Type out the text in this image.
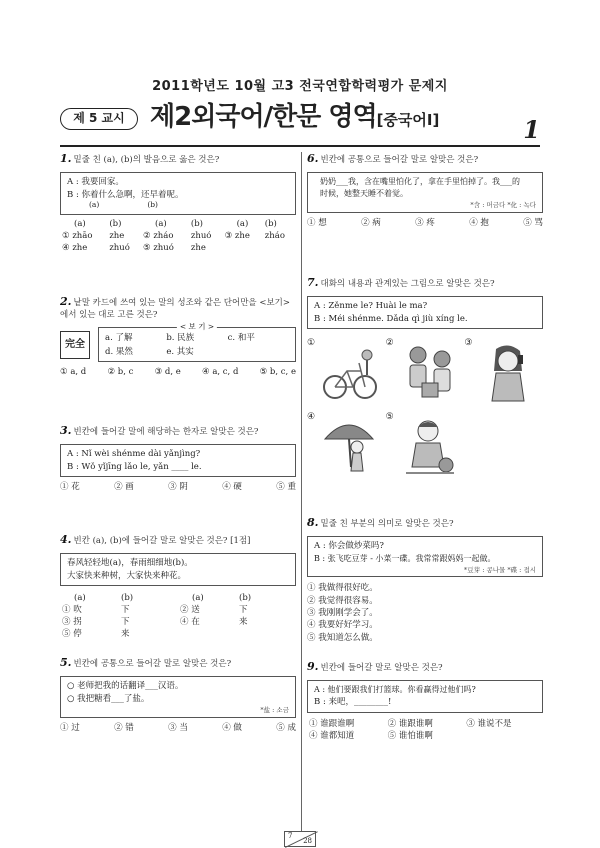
2011학년도 10월 고3 전국연합학력평가 문제지
제 5 교시 제2외국어/한문 영역[중국어Ⅰ]	1
1. 밑줄 친 (a), (b)의 발음으로 옳은 것은?
A : 我要回家。
B : 你着什么急啊，还早着呢。
(a)	(b)
(a)	(b)	(a)	(b)	(a)	(b)
① zhāo	zhe	② zháo	zhuó	③ zhe	zháo
④ zhe	zhuó	⑤ zhuó	zhe		
2. 낱말 카드에 쓰여 있는 말의 성조와 같은 단어만을 <보기>에서 있는 대로 고른 것은?
完全
< 보 기 >
a. 了解	b. 民族	c. 和平
d. 果然	e. 其实
① a, d ② b, c ③ d, e ④ a, c, d ⑤ b, c, e
3. 빈칸에 들어갈 말에 해당하는 한자로 알맞은 것은?
A : Nǐ wèi shénme dài yǎnjìng?
B : Wǒ yǐjīng lǎo le, yǎn ____ le.
① 花	② 画	③ 阴	④ 硬	⑤ 重
4. 빈칸 (a), (b)에 들어갈 말로 알맞은 것은? [1점]
春风轻轻地(a)，春雨细细地(b)。
大家快来种树，大家快来种花。
(a)	(b)	(a)	(b)
① 吹	下	② 送	下
③ 拐	下	④ 在	来
⑤ 停	来		
5. 빈칸에 공통으로 들어갈 말로 알맞은 것은?
○ 老师把我的话翻译___汉语。
○ 我把糖看___了盐。
*盐 : 소금
① 过	② 错	③ 当	④ 做	⑤ 成
6. 빈칸에 공통으로 들어갈 말로 알맞은 것은?
奶奶___我，含在嘴里怕化了，拿在手里怕掉了。我___的
时候，她整天睡不着觉。
*含 : 머금다 *化 : 녹다
① 想	② 病	③ 疼	④ 抱	⑤ 骂
7. 대화의 내용과 관계있는 그림으로 알맞은 것은?
A : Zěnme le? Huài le ma?
B : Méi shénme. Dǎda qì jiù xíng le.
①	②	③
④	⑤
8. 밑줄 친 부분의 의미로 알맞은 것은?
A : 你会做炒菜吗?
B : 张飞吃豆芽 - 小菜一碟。我常常跟妈妈一起做。
*豆芽 : 콩나물 *碟 : 접시
① 我做得很好吃。
② 我觉得很容易。
③ 我刚刚学会了。
④ 我要好好学习。
⑤ 我知道怎么做。
9. 빈칸에 들어갈 말로 알맞은 것은?
A : 他们要跟我们打篮球。你看赢得过他们吗?
B : 来吧，________!
① 谁跟谁啊	② 谁跟谁啊	③ 谁说不是
④ 谁都知道	⑤ 谁怕谁啊	
7
28
